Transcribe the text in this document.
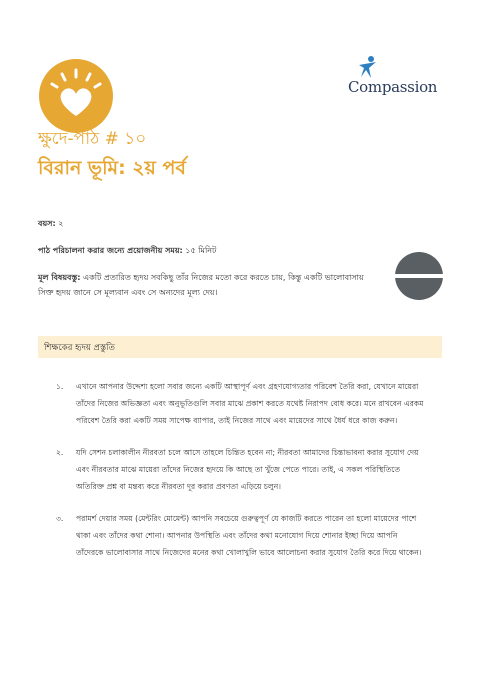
Compassion
ক্ষুদে-পাঠ # ১০
বিরান ভূমি: ২য় পর্ব
বয়স: ২
পাঠ পরিচালনা করার জন্যে প্রয়োজনীয় সময়: ১৫ মিনিট
মূল বিষয়বস্তু: একটি প্রতারিত হৃদয় সবকিছু তাঁর নিজের মতো করে করতে চায়, কিন্তু একটি ভালোবাসায় সিক্ত হৃদয় জানে সে মূল্যবান এবং সে অন্যদের মূল্য দেয়।
শিক্ষকের হৃদয় প্রস্তুতি
১. এখানে আপনার উদ্দেশ্য হলো সবার জন্যে একটি আস্থাপূর্ণ এবং গ্রহণযোগ্যতার পরিবেশ তৈরি করা, যেখানে মায়েরা তাঁদের নিজের অভিজ্ঞতা এবং অনুভূতিগুলি সবার মাঝে প্রকাশ করতে যথেষ্ট নিরাপদ বোধ করে। মনে রাখবেন এরকম পরিবেশ তৈরি করা একটি সময় সাপেক্ষ ব্যাপার, তাই নিজের সাথে এবং মায়েদের সাথে ধৈর্য ধরে কাজ করুন।
২. যদি সেশন চলাকালীন নীরবতা চলে আসে তাহলে চিন্তিত হবেন না; নীরবতা আমাদের চিন্তাভাবনা করার সুযোগ দেয় এবং নীরবতার মাঝে মায়েরা তাঁদের নিজের হৃদয়ে কি আছে তা খুঁজে পেতে পারে। তাই, এ সকল পরিস্থিতিতে অতিরিক্ত প্রশ্ন বা মন্তব্য করে নীরবতা দূর করার প্রবণতা এড়িয়ে চলুন।
৩. পরামর্শ দেয়ার সময় (মেন্টরিং মোমেন্ট) আপনি সবচেয়ে গুরুত্বপূর্ণ যে কাজটি করতে পারেন তা হলো মায়েদের পাশে থাকা এবং তাঁদের কথা শোনা। আপনার উপস্থিতি এবং তাঁদের কথা মনোযোগ দিয়ে শোনার ইচ্ছা দিয়ে আপনি তাঁদেরকে ভালোবাসার সাথে নিজেদের মনের কথা খোলাখুলি ভাবে আলোচনা করার সুযোগ তৈরি করে দিয়ে থাকেন।
